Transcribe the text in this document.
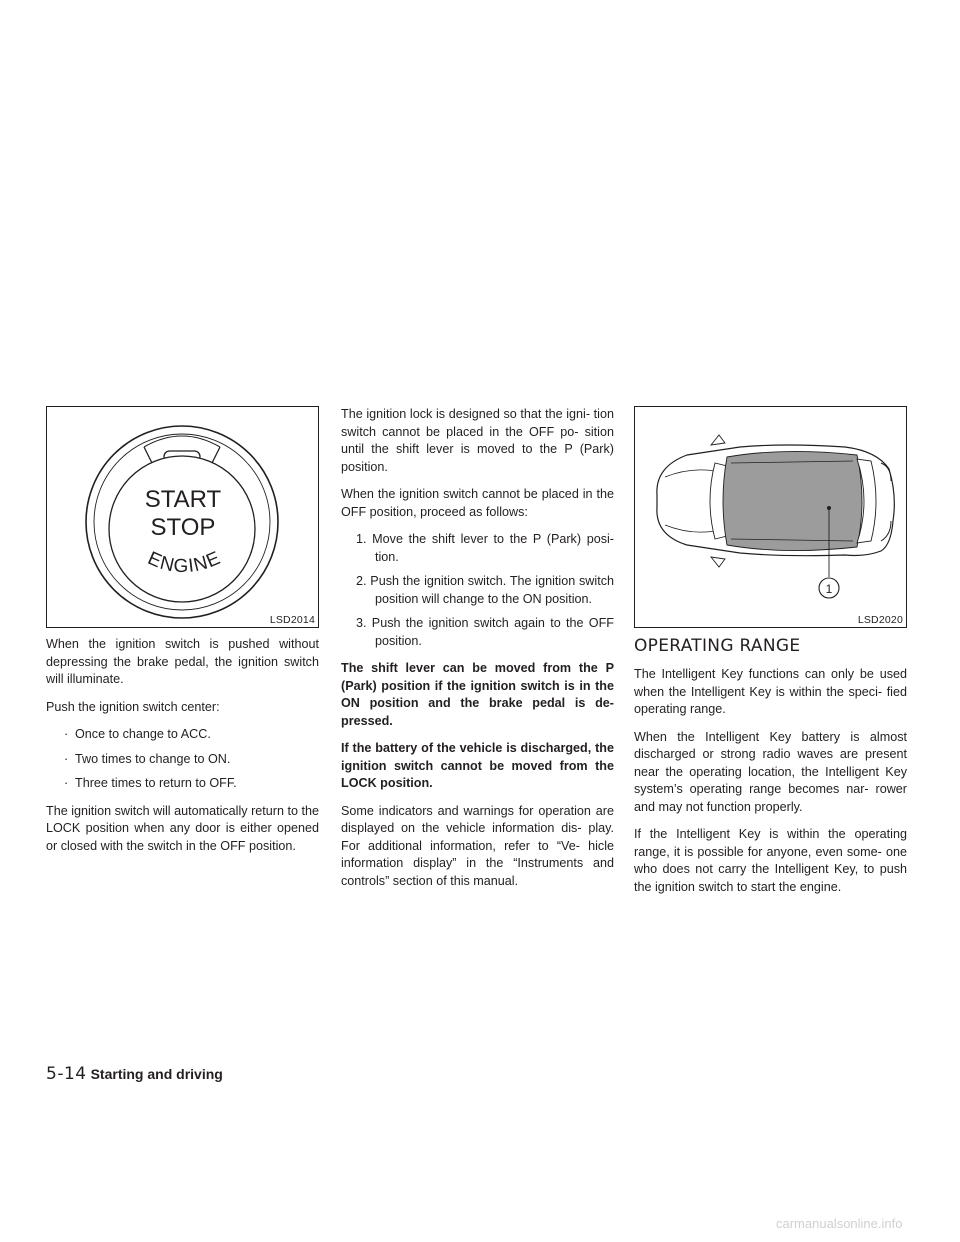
START
STOP
ENGINE
LSD2014

When the ignition switch is pushed without depressing the brake pedal, the ignition switch will illuminate.

Push the ignition switch center:

· Once to change to ACC.
· Two times to change to ON.
· Three times to return to OFF.

The ignition switch will automatically return to the LOCK position when any door is either opened or closed with the switch in the OFF position.

The ignition lock is designed so that the igni- tion switch cannot be placed in the OFF po- sition until the shift lever is moved to the P (Park) position.

When the ignition switch cannot be placed in the OFF position, proceed as follows:

1. Move the shift lever to the P (Park) posi- tion.
2. Push the ignition switch. The ignition switch position will change to the ON position.
3. Push the ignition switch again to the OFF position.

The shift lever can be moved from the P (Park) position if the ignition switch is in the ON position and the brake pedal is de- pressed.

If the battery of the vehicle is discharged, the ignition switch cannot be moved from the LOCK position.

Some indicators and warnings for operation are displayed on the vehicle information dis- play. For additional information, refer to “Ve- hicle information display” in the “Instruments and controls” section of this manual.

1
LSD2020
OPERATING RANGE

The Intelligent Key functions can only be used when the Intelligent Key is within the speci- fied operating range.

When the Intelligent Key battery is almost discharged or strong radio waves are present near the operating location, the Intelligent Key system’s operating range becomes nar- rower and may not function properly.

If the Intelligent Key is within the operating range, it is possible for anyone, even some- one who does not carry the Intelligent Key, to push the ignition switch to start the engine.

5-14 Starting and driving
carmanualsonline.info
